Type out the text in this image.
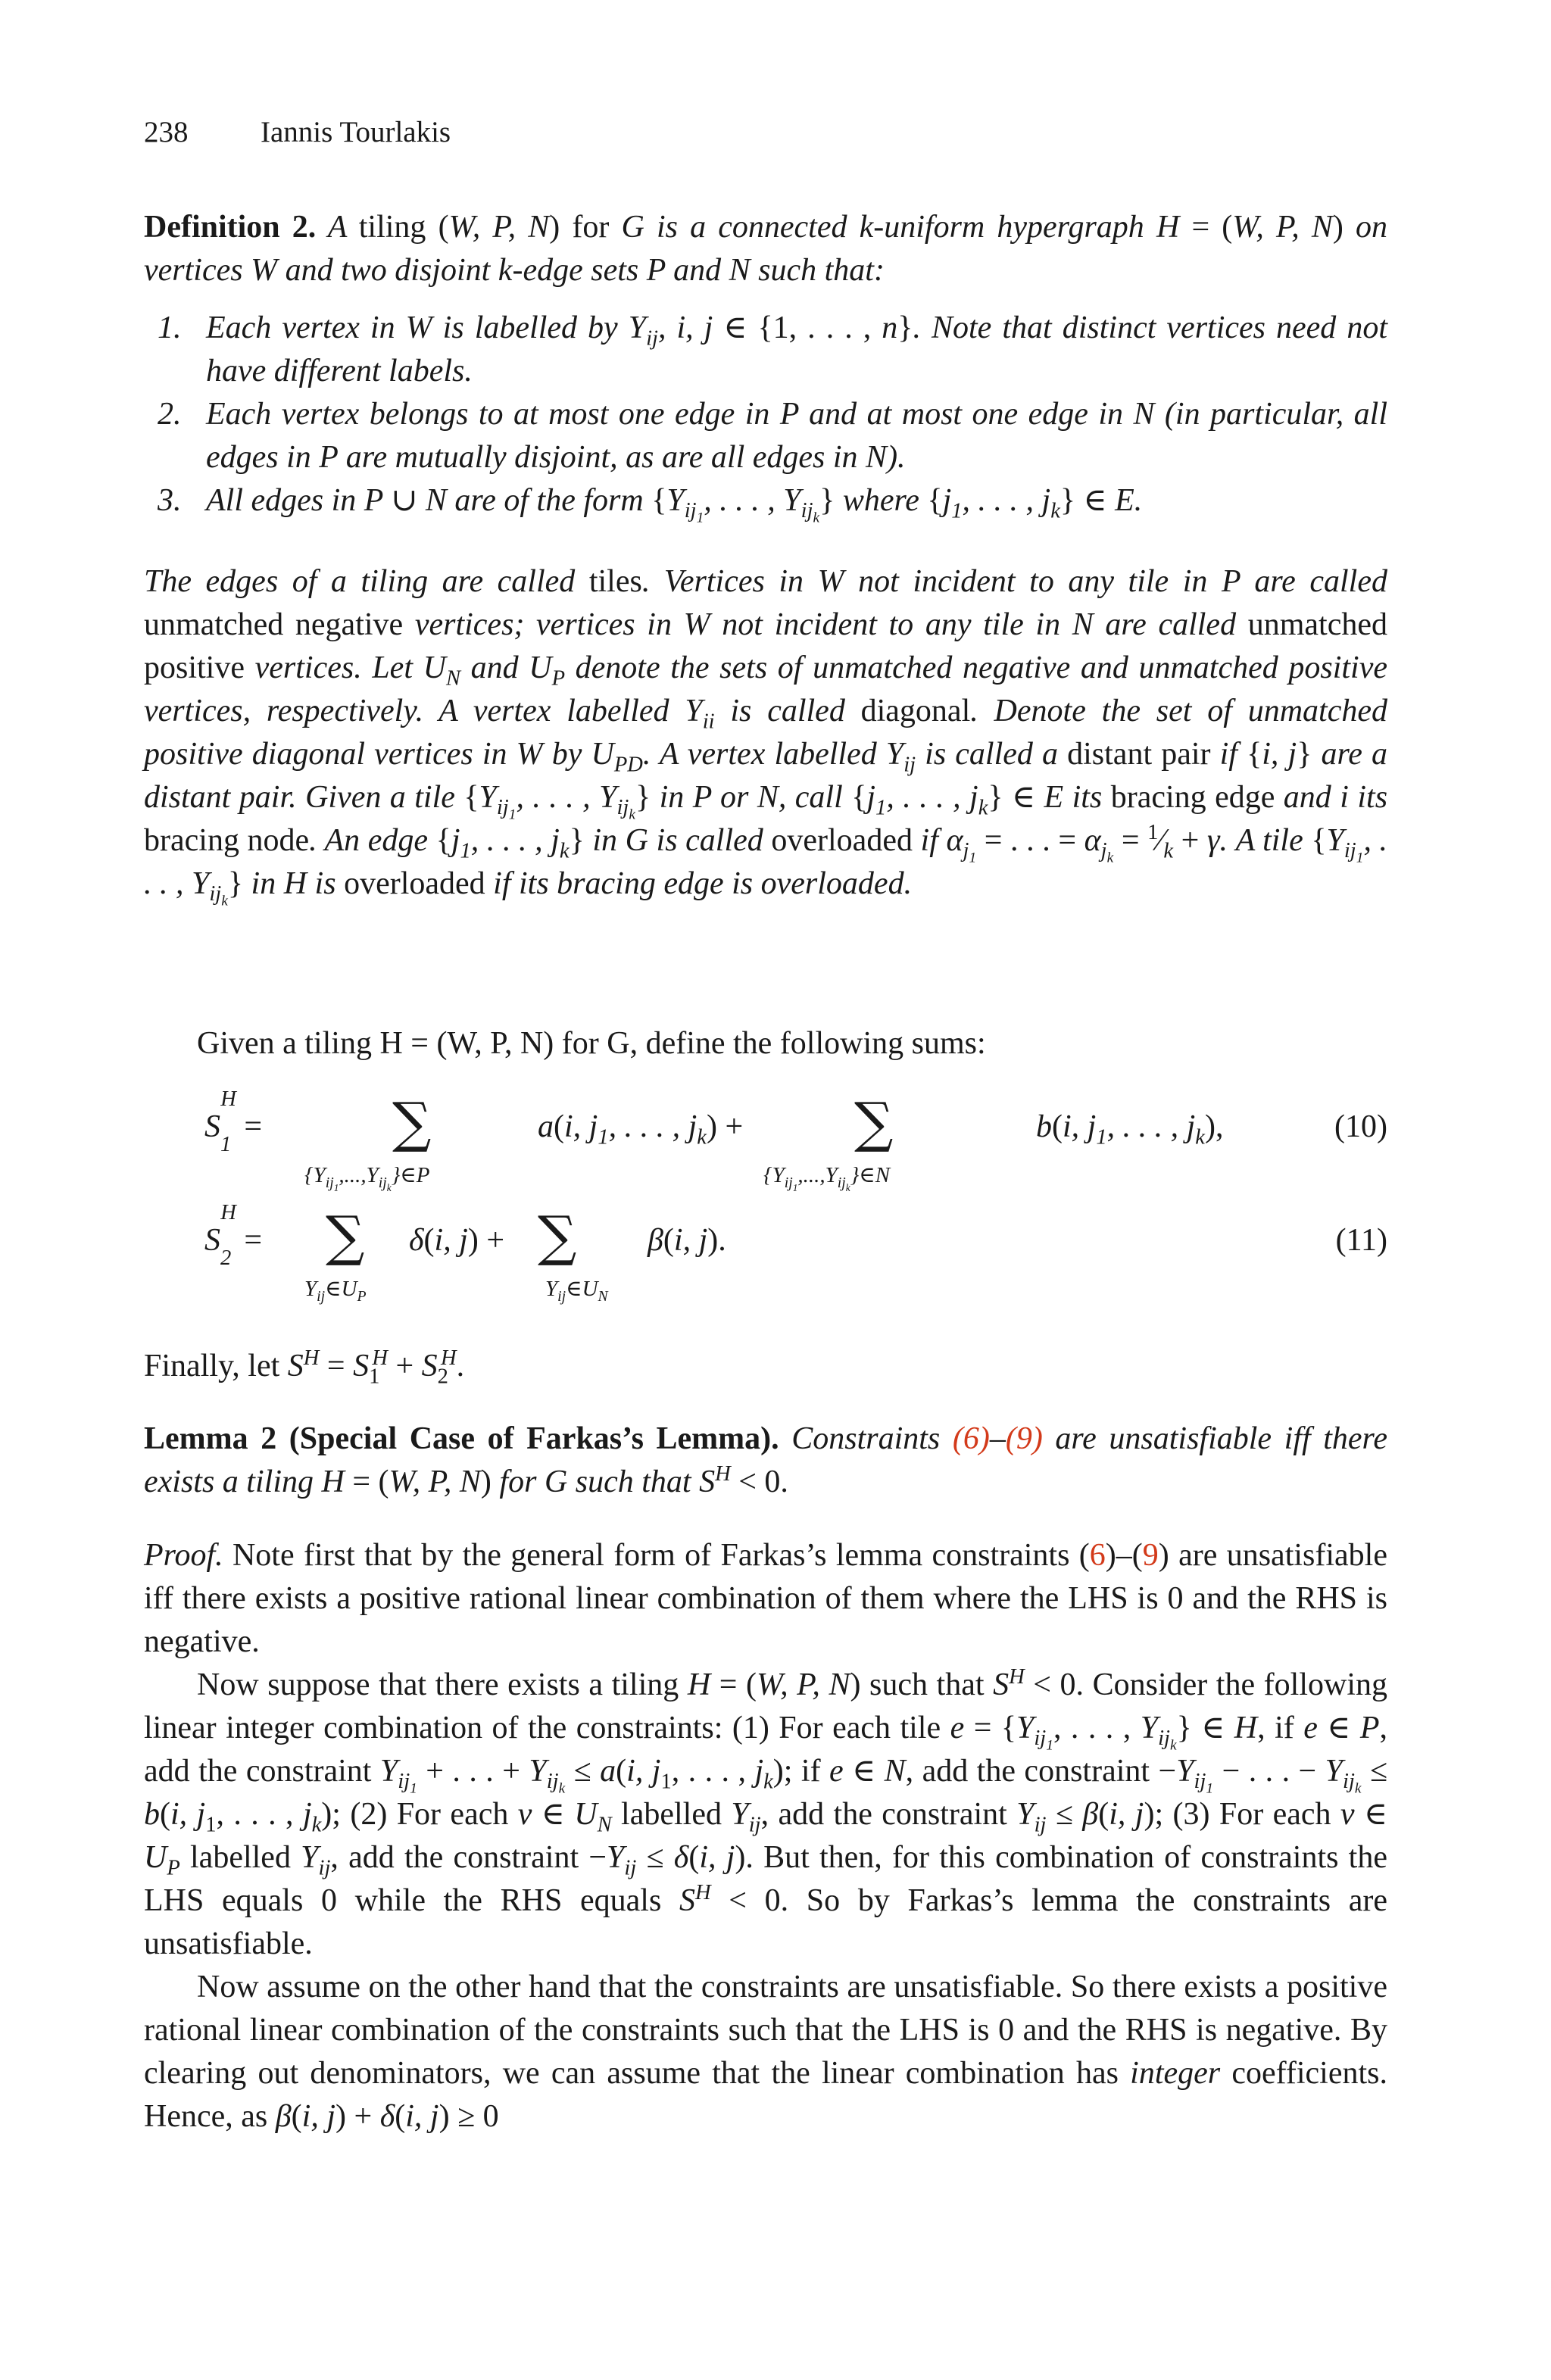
238 Iannis Tourlakis

Definition 2. A tiling (W, P, N) for G is a connected k-uniform hypergraph H = (W, P, N) on vertices W and two disjoint k-edge sets P and N such that:

1. Each vertex in W is labelled by $Y_{ij}$, i, j ∈ {1, . . . , n}. Note that distinct vertices need not have different labels.
2. Each vertex belongs to at most one edge in P and at most one edge in N (in particular, all edges in P are mutually disjoint, as are all edges in N).
3. All edges in P ∪ N are of the form {$Y_{ij_1}$, . . . , $Y_{ij_k}$} where {$j_1$, . . . , $j_k$} ∈ E.

The edges of a tiling are called tiles. Vertices in W not incident to any tile in P are called unmatched negative vertices; vertices in W not incident to any tile in N are called unmatched positive vertices. Let $U_N$ and $U_P$ denote the sets of unmatched negative and unmatched positive vertices, respectively. A vertex labelled $Y_{ii}$ is called diagonal. Denote the set of unmatched positive diagonal vertices in W by $U_{PD}$. A vertex labelled $Y_{ij}$ is called a distant pair if {i, j} are a distant pair. Given a tile {$Y_{ij_1}$, . . . , $Y_{ij_k}$} in P or N, call {$j_1$, . . . , $j_k$} ∈ E its bracing edge and i its bracing node. An edge {$j_1$, . . . , $j_k$} in G is called overloaded if $\alpha_{j_1}$ = . . . = $\alpha_{j_k}$ = $^1⁄_k + \gamma$. A tile {$Y_{ij_1}$, . . . , $Y_{ij_k}$} in H is overloaded if its bracing edge is overloaded.

Given a tiling H = (W, P, N) for G, define the following sums:

$S_1^H$ = ∑
$\{Y_{ij_1},...,Y_{ij_k}\}\in P$
a(i, $j_1$, . . . , $j_k$) + ∑
$\{Y_{ij_1},...,Y_{ij_k}\}\in N$
b(i, $j_1$, . . . , $j_k$),	(10)
$S_2^H$ = ∑
$Y_{ij}\in U_P$
δ(i, j) + ∑
$Y_{ij}\in U_N$
β(i, j).	(11)

Finally, let $S^H = S_1^H + S_2^H$.

Lemma 2 (Special Case of Farkas’s Lemma). Constraints (6)–(9) are unsatisfiable iff there exists a tiling H = (W, P, N) for G such that $S^H < 0$.

Proof. Note first that by the general form of Farkas’s lemma constraints (6)–(9) are unsatisfiable iff there exists a positive rational linear combination of them where the LHS is 0 and the RHS is negative.

Now suppose that there exists a tiling H = (W, P, N) such that $S^H < 0$. Consider the following linear integer combination of the constraints: (1) For each tile $e = \{Y_{ij_1}$, . . . , $Y_{ij_k}$} ∈ H, if e ∈ P, add the constraint $Y_{ij_1}$ + . . . + $Y_{ij_k} \le a(i$, $j_1$, . . . , $j_k$); if e ∈ N, add the constraint $-Y_{ij_1}$ − . . . − $Y_{ij_k} \le b(i$, $j_1$, . . . , $j_k$); (2) For each v ∈ $U_N$ labelled $Y_{ij}$, add the constraint $Y_{ij} \le \beta(i$, j); (3) For each v ∈ $U_P$ labelled $Y_{ij}$, add the constraint $-Y_{ij} \le \delta(i$, j). But then, for this combination of constraints the LHS equals 0 while the RHS equals $S^H < 0$. So by Farkas’s lemma the constraints are unsatisfiable.

Now assume on the other hand that the constraints are unsatisfiable. So there exists a positive rational linear combination of the constraints such that the LHS is 0 and the RHS is negative. By clearing out denominators, we can assume that the linear combination has integer coefficients. Hence, as β(i, j) + δ(i, j) ≥ 0
